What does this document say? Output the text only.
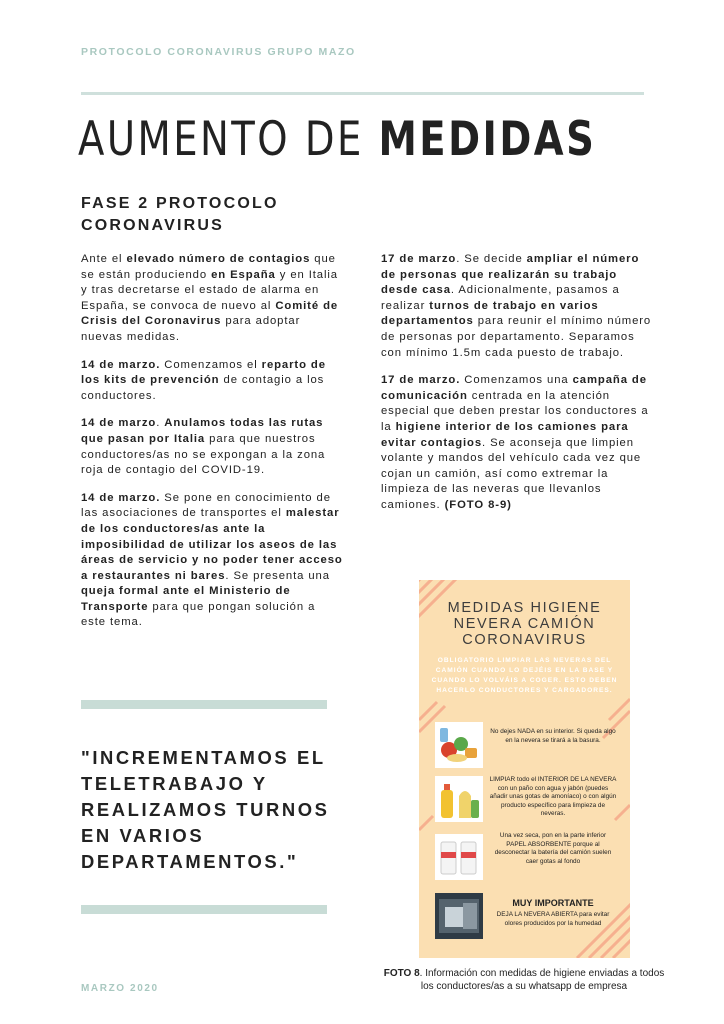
PROTOCOLO CORONAVIRUS GRUPO MAZO
AUMENTO DE MEDIDAS
FASE 2 PROTOCOLO CORONAVIRUS

Ante el elevado número de contagios que se están produciendo en España y en Italia y tras decretarse el estado de alarma en España, se convoca de nuevo al Comité de Crisis del Coronavirus para adoptar nuevas medidas.

14 de marzo. Comenzamos el reparto de los kits de prevención de contagio a los conductores.

14 de marzo. Anulamos todas las rutas que pasan por Italia para que nuestros conductores/as no se expongan a la zona roja de contagio del COVID-19.

14 de marzo. Se pone en conocimiento de las asociaciones de transportes el malestar de los conductores/as ante la imposibilidad de utilizar los aseos de las áreas de servicio y no poder tener acceso a restaurantes ni bares. Se presenta una queja formal ante el Ministerio de Transporte para que pongan solución a este tema.

17 de marzo. Se decide ampliar el número de personas que realizarán su trabajo desde casa. Adicionalmente, pasamos a realizar turnos de trabajo en varios departamentos para reunir el mínimo número de personas por departamento. Separamos con mínimo 1.5m cada puesto de trabajo.

17 de marzo. Comenzamos una campaña de comunicación centrada en la atención especial que deben prestar los conductores a la higiene interior de los camiones para evitar contagios. Se aconseja que limpien volante y mandos del vehículo cada vez que cojan un camión, así como extremar la limpieza de las neveras que llevanlos camiones. (FOTO 8-9)

"INCREMENTAMOS EL TELETRABAJO Y REALIZAMOS TURNOS EN VARIOS DEPARTAMENTOS."
MEDIDAS HIGIENE NEVERA CAMIÓN CORONAVIRUS
OBLIGATORIO LIMPIAR LAS NEVERAS DEL CAMIÓN CUANDO LO DEJÉIS EN LA BASE Y CUANDO LO VOLVÁIS A COGER. ESTO DEBEN HACERLO CONDUCTORES Y CARGADORES.
No dejes NADA en su interior. Si queda algo en la nevera se tirará a la basura.
LIMPIAR todo el INTERIOR DE LA NEVERA con un paño con agua y jabón (puedes añadir unas gotas de amoníaco) o con algún producto específico para limpieza de neveras.
Una vez seca, pon en la parte inferior PAPEL ABSORBENTE porque al desconectar la batería del camión suelen caer gotas al fondo
MUY IMPORTANTE
DEJA LA NEVERA ABIERTA para evitar olores producidos por la humedad
FOTO 8. Información con medidas de higiene enviadas a todos los conductores/as a su whatsapp de empresa
MARZO 2020
